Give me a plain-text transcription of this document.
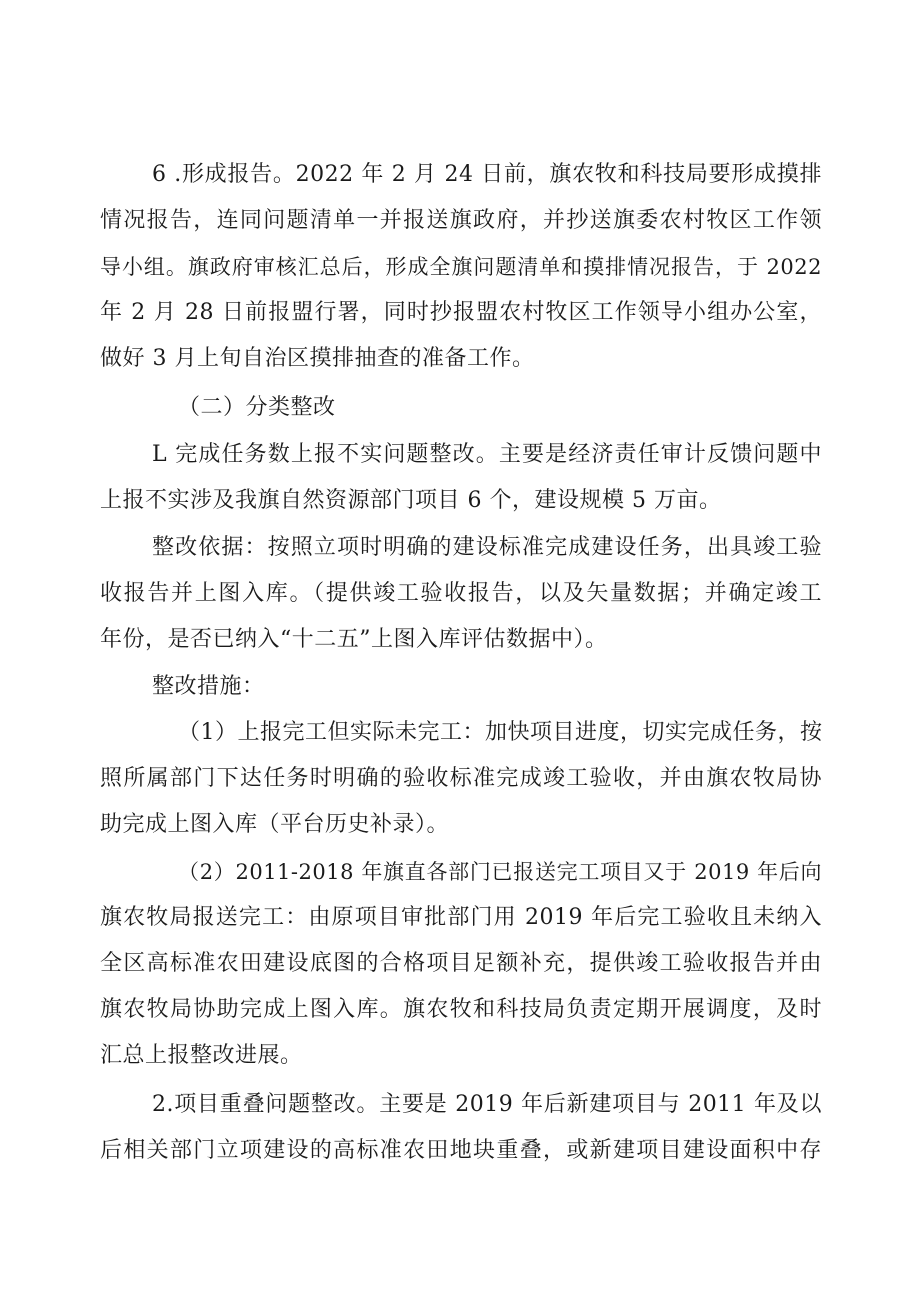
6 .形成报告。2022 年 2 月 24 日前，旗农牧和科技局要形成摸排
情况报告，连同问题清单一并报送旗政府，并抄送旗委农村牧区工作领
导小组。旗政府审核汇总后，形成全旗问题清单和摸排情况报告，于 2022
年 2 月 28 日前报盟行署，同时抄报盟农村牧区工作领导小组办公室，
做好 3 月上旬自治区摸排抽查的准备工作。
（二）分类整改
L 完成任务数上报不实问题整改。主要是经济责任审计反馈问题中
上报不实涉及我旗自然资源部门项目 6 个，建设规模 5 万亩。
整改依据：按照立项时明确的建设标准完成建设任务，出具竣工验
收报告并上图入库。（提供竣工验收报告，以及矢量数据；并确定竣工
年份，是否已纳入“十二五”上图入库评估数据中）。
整改措施：
（1）上报完工但实际未完工：加快项目进度，切实完成任务，按
照所属部门下达任务时明确的验收标准完成竣工验收，并由旗农牧局协
助完成上图入库（平台历史补录）。
（2）2011-2018 年旗直各部门已报送完工项目又于 2019 年后向
旗农牧局报送完工：由原项目审批部门用 2019 年后完工验收且未纳入
全区高标准农田建设底图的合格项目足额补充，提供竣工验收报告并由
旗农牧局协助完成上图入库。旗农牧和科技局负责定期开展调度，及时
汇总上报整改进展。
2.项目重叠问题整改。主要是 2019 年后新建项目与 2011 年及以
后相关部门立项建设的高标准农田地块重叠，或新建项目建设面积中存
